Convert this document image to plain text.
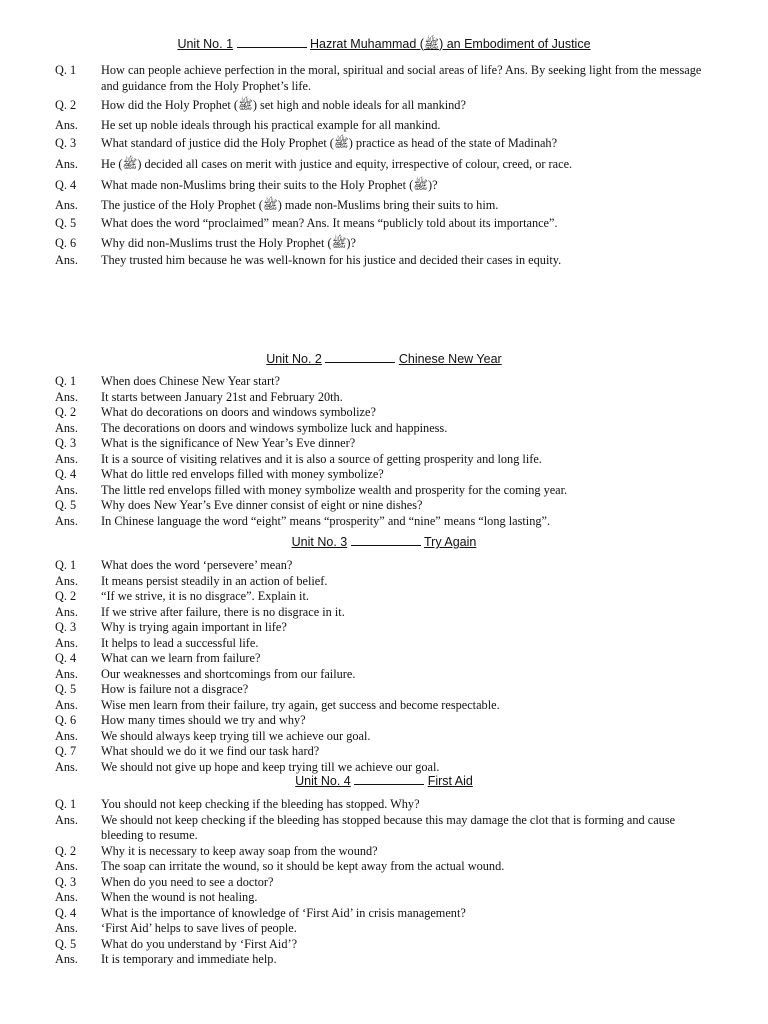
Unit No. 1	Hazrat Muhammad (ﷺ) an Embodiment of Justice
Q. 1	How can people achieve perfection in the moral, spiritual and social areas of life? Ans. By seeking light from the message and guidance from the Holy Prophet’s life.
Q. 2	How did the Holy Prophet (ﷺ) set high and noble ideals for all mankind?
Ans.	He set up noble ideals through his practical example for all mankind.
Q. 3	What standard of justice did the Holy Prophet (ﷺ) practice as head of the state of Madinah?
Ans.	He (ﷺ) decided all cases on merit with justice and equity, irrespective of colour, creed, or race.
Q. 4	What made non-Muslims bring their suits to the Holy Prophet (ﷺ)?
Ans.	The justice of the Holy Prophet (ﷺ) made non-Muslims bring their suits to him.
Q. 5	What does the word “proclaimed” mean? Ans. It means “publicly told about its importance”.
Q. 6	Why did non-Muslims trust the Holy Prophet (ﷺ)?
Ans.	They trusted him because he was well-known for his justice and decided their cases in equity.
Unit No. 2	Chinese New Year
Q. 1	When does Chinese New Year start?
Ans.	It starts between January 21st and February 20th.
Q. 2	What do decorations on doors and windows symbolize?
Ans.	The decorations on doors and windows symbolize luck and happiness.
Q. 3	What is the significance of New Year’s Eve dinner?
Ans.	It is a source of visiting relatives and it is also a source of getting prosperity and long life.
Q. 4	What do little red envelops filled with money symbolize?
Ans.	The little red envelops filled with money symbolize wealth and prosperity for the coming year.
Q. 5	Why does New Year’s Eve dinner consist of eight or nine dishes?
Ans.	In Chinese language the word “eight” means “prosperity” and “nine” means “long lasting”.
Unit No. 3	Try Again
Q. 1	What does the word ‘persevere’ mean?
Ans.	It means persist steadily in an action of belief.
Q. 2	“If we strive, it is no disgrace”. Explain it.
Ans.	If we strive after failure, there is no disgrace in it.
Q. 3	Why is trying again important in life?
Ans.	It helps to lead a successful life.
Q. 4	What can we learn from failure?
Ans.	Our weaknesses and shortcomings from our failure.
Q. 5	How is failure not a disgrace?
Ans.	Wise men learn from their failure, try again, get success and become respectable.
Q. 6	How many times should we try and why?
Ans.	We should always keep trying till we achieve our goal.
Q. 7	What should we do it we find our task hard?
Ans.	We should not give up hope and keep trying till we achieve our goal.
Unit No. 4	First Aid
Q. 1	You should not keep checking if the bleeding has stopped. Why?
Ans.	We should not keep checking if the bleeding has stopped because this may damage the clot that is forming and cause bleeding to resume.
Q. 2	Why it is necessary to keep away soap from the wound?
Ans.	The soap can irritate the wound, so it should be kept away from the actual wound.
Q. 3	When do you need to see a doctor?
Ans.	When the wound is not healing.
Q. 4	What is the importance of knowledge of ‘First Aid’ in crisis management?
Ans.	‘First Aid’ helps to save lives of people.
Q. 5	What do you understand by ‘First Aid’?
Ans.	It is temporary and immediate help.
